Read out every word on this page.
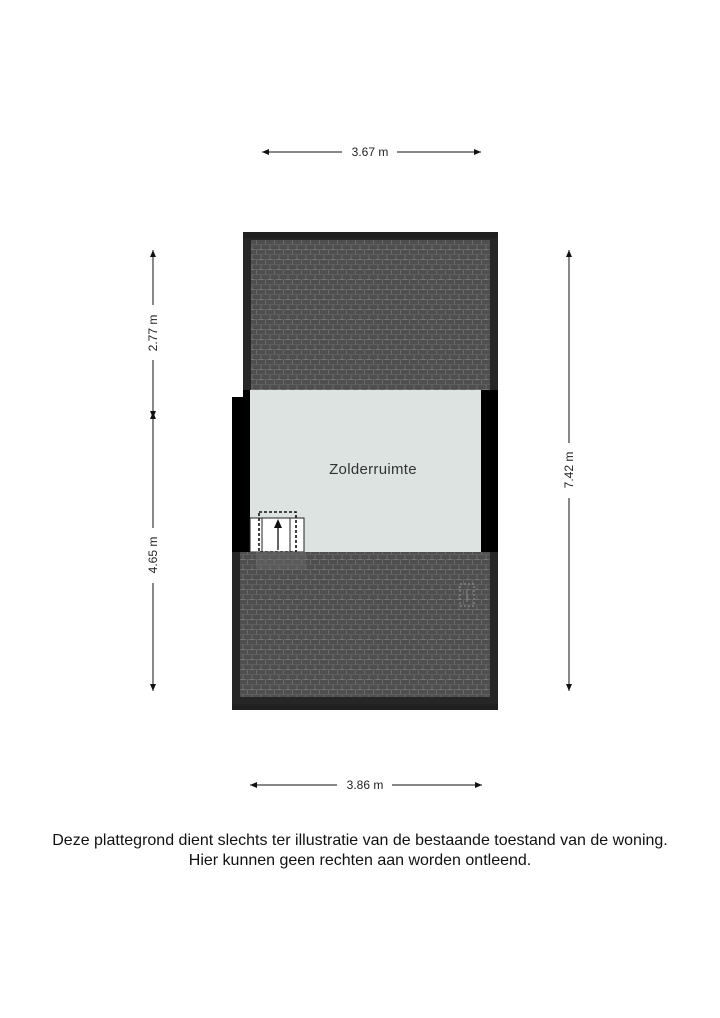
3.67 m
2.77 m
4.65 m
7.42 m
3.86 m
Zolderruimte
Deze plattegrond dient slechts ter illustratie van de bestaande toestand van de woning.
Hier kunnen geen rechten aan worden ontleend.
